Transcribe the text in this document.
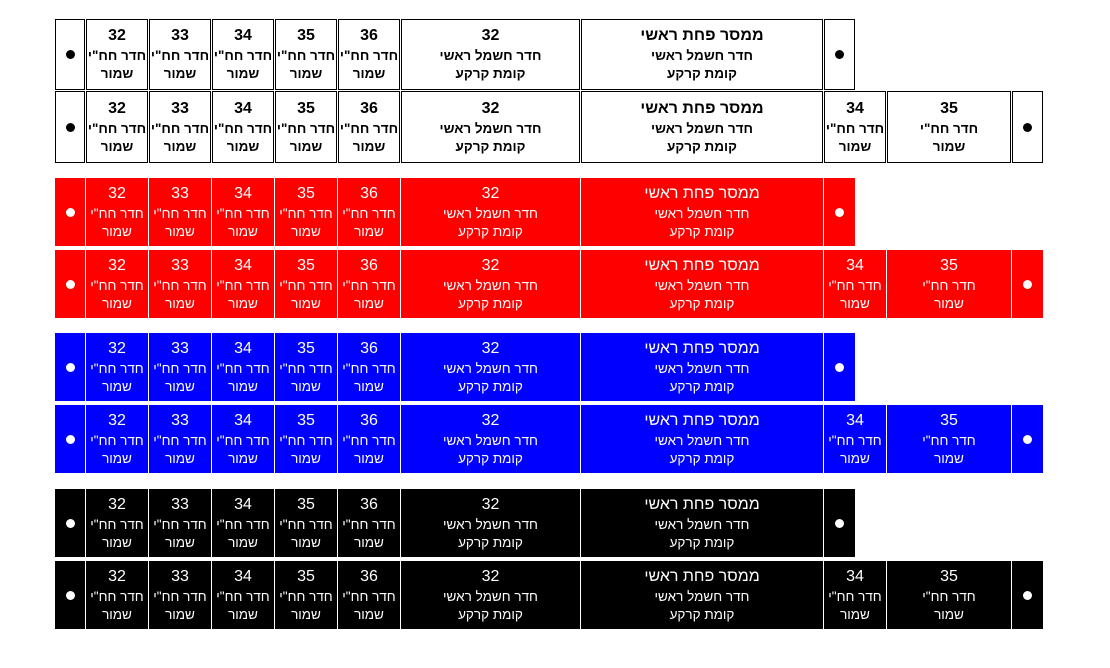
32
חדר חח"י
שמור
33
חדר חח"י
שמור
34
חדר חח"י
שמור
35
חדר חח"י
שמור
36
חדר חח"י
שמור
32
חדר חשמל ראשי
קומת קרקע
ממסר פחת ראשי
חדר חשמל ראשי
קומת קרקע
32
חדר חח"י
שמור
33
חדר חח"י
שמור
34
חדר חח"י
שמור
35
חדר חח"י
שמור
36
חדר חח"י
שמור
32
חדר חשמל ראשי
קומת קרקע
ממסר פחת ראשי
חדר חשמל ראשי
קומת קרקע
34
חדר חח"י
שמור
35
חדר חח"י
שמור
32
חדר חח"י
שמור
33
חדר חח"י
שמור
34
חדר חח"י
שמור
35
חדר חח"י
שמור
36
חדר חח"י
שמור
32
חדר חשמל ראשי
קומת קרקע
ממסר פחת ראשי
חדר חשמל ראשי
קומת קרקע
32
חדר חח"י
שמור
33
חדר חח"י
שמור
34
חדר חח"י
שמור
35
חדר חח"י
שמור
36
חדר חח"י
שמור
32
חדר חשמל ראשי
קומת קרקע
ממסר פחת ראשי
חדר חשמל ראשי
קומת קרקע
34
חדר חח"י
שמור
35
חדר חח"י
שמור
32
חדר חח"י
שמור
33
חדר חח"י
שמור
34
חדר חח"י
שמור
35
חדר חח"י
שמור
36
חדר חח"י
שמור
32
חדר חשמל ראשי
קומת קרקע
ממסר פחת ראשי
חדר חשמל ראשי
קומת קרקע
32
חדר חח"י
שמור
33
חדר חח"י
שמור
34
חדר חח"י
שמור
35
חדר חח"י
שמור
36
חדר חח"י
שמור
32
חדר חשמל ראשי
קומת קרקע
ממסר פחת ראשי
חדר חשמל ראשי
קומת קרקע
34
חדר חח"י
שמור
35
חדר חח"י
שמור
32
חדר חח"י
שמור
33
חדר חח"י
שמור
34
חדר חח"י
שמור
35
חדר חח"י
שמור
36
חדר חח"י
שמור
32
חדר חשמל ראשי
קומת קרקע
ממסר פחת ראשי
חדר חשמל ראשי
קומת קרקע
32
חדר חח"י
שמור
33
חדר חח"י
שמור
34
חדר חח"י
שמור
35
חדר חח"י
שמור
36
חדר חח"י
שמור
32
חדר חשמל ראשי
קומת קרקע
ממסר פחת ראשי
חדר חשמל ראשי
קומת קרקע
34
חדר חח"י
שמור
35
חדר חח"י
שמור
